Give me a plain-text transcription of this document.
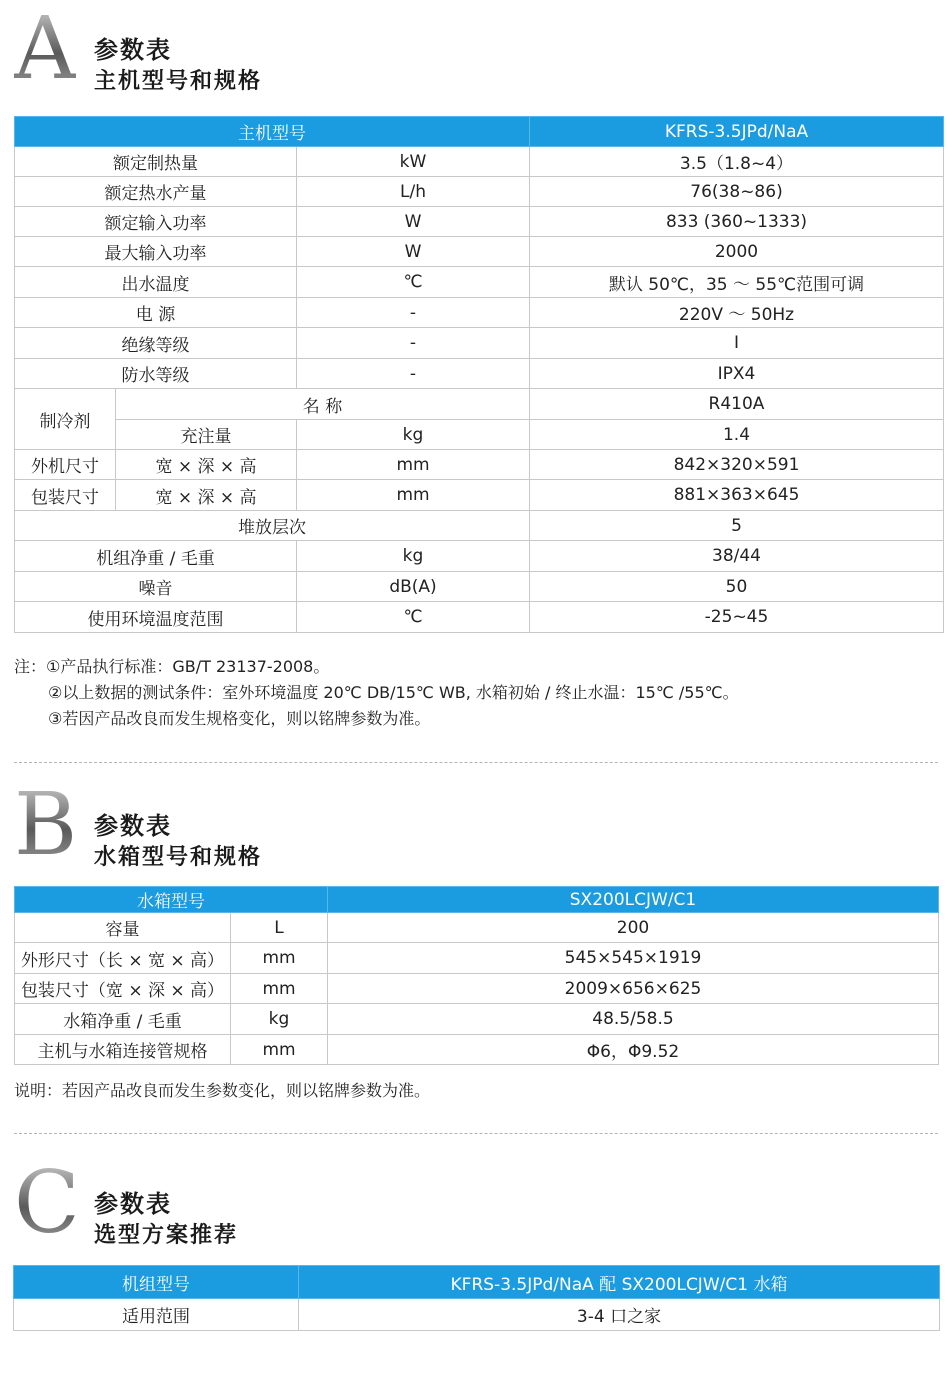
A 参数表
主机型号和规格
主机型号			KFRS-3.5JPd/NaA
额定制热量		kW	3.5（1.8~4）
额定热水产量		L/h	76(38~86)
额定输入功率		W	833 (360~1333)
最大输入功率		W	2000
出水温度		℃	默认 50℃，35 ～ 55℃范围可调
电 源		-	220V ～ 50Hz
绝缘等级		-	I
防水等级		-	IPX4
制冷剂	名 称		R410A
	充注量	kg	1.4
外机尺寸	宽 × 深 × 高	mm	842×320×591
包装尺寸	宽 × 深 × 高	mm	881×363×645
堆放层次			5
机组净重 / 毛重		kg	38/44
噪音		dB(A)	50
使用环境温度范围		℃	-25~45
注：①产品执行标准：GB/T 23137-2008。
②以上数据的测试条件：室外环境温度 20℃ DB/15℃ WB, 水箱初始 / 终止水温：15℃ /55℃。
③若因产品改良而发生规格变化，则以铭牌参数为准。
B 参数表
水箱型号和规格
水箱型号		SX200LCJW/C1
容量	L	200
外形尺寸（长 × 宽 × 高）	mm	545×545×1919
包装尺寸（宽 × 深 × 高）	mm	2009×656×625
水箱净重 / 毛重	kg	48.5/58.5
主机与水箱连接管规格	mm	Φ6，Φ9.52
说明：若因产品改良而发生参数变化，则以铭牌参数为准。
C 参数表
选型方案推荐
机组型号	KFRS-3.5JPd/NaA 配 SX200LCJW/C1 水箱
适用范围	3-4 口之家
